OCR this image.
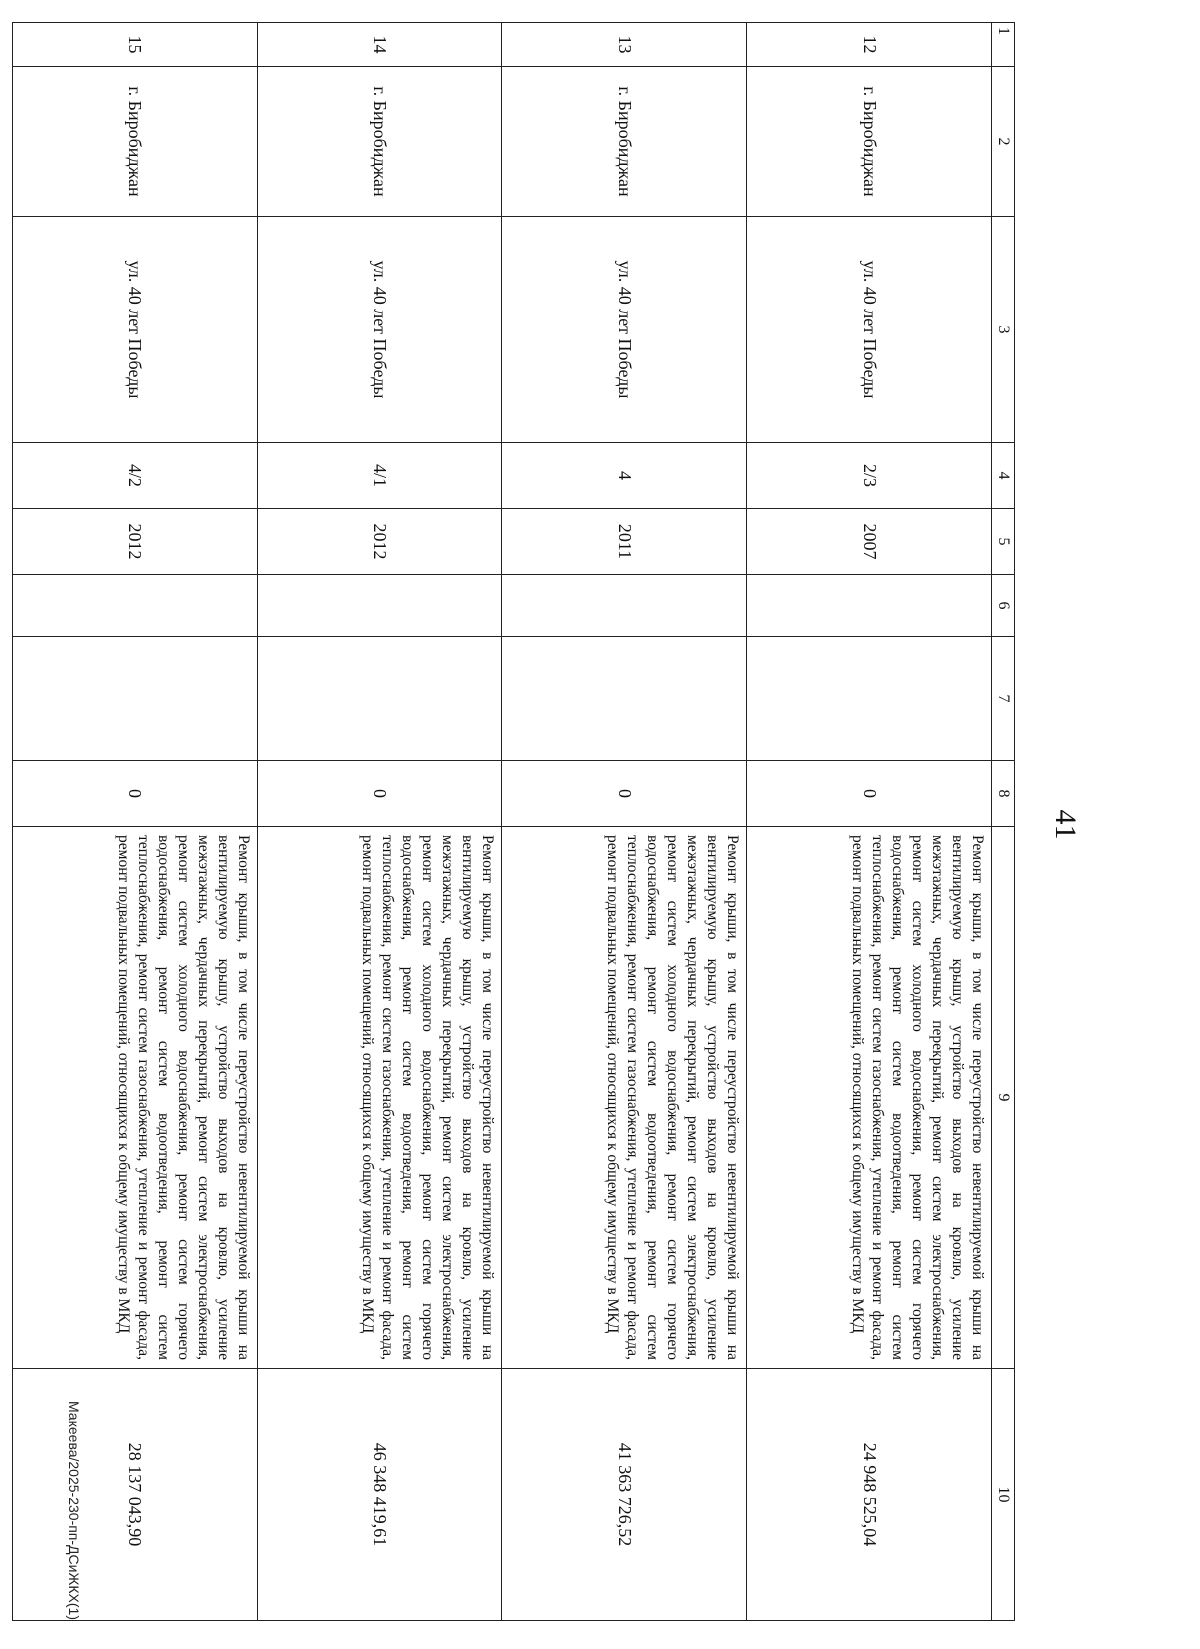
41
1	2	3	4	5	6	7	8	9	10
12	г. Биробиджан	ул. 40 лет Победы	2/3	2007			0	Ремонт крыши, в том числе переустройство невентилируемой крыши на вентилируемую крышу, устройство выходов на кровлю, усиление межэтажных, чердачных перекрытий, ремонт систем электроснабжения, ремонт систем холодного водоснабжения, ремонт систем горячего водоснабжения, ремонт систем водоотведения, ремонт систем теплоснабжения, ремонт систем газоснабжения, утепление и ремонт фасада, ремонт подвальных помещений, относящихся к общему имуществу в МКД	24 948 525,04
13	г. Биробиджан	ул. 40 лет Победы	4	2011			0	Ремонт крыши, в том числе переустройство невентилируемой крыши на вентилируемую крышу, устройство выходов на кровлю, усиление межэтажных, чердачных перекрытий, ремонт систем электроснабжения, ремонт систем холодного водоснабжения, ремонт систем горячего водоснабжения, ремонт систем водоотведения, ремонт систем теплоснабжения, ремонт систем газоснабжения, утепление и ремонт фасада, ремонт подвальных помещений, относящихся к общему имуществу в МКД	41 363 726,52
14	г. Биробиджан	ул. 40 лет Победы	4/1	2012			0	Ремонт крыши, в том числе переустройство невентилируемой крыши на вентилируемую крышу, устройство выходов на кровлю, усиление межэтажных, чердачных перекрытий, ремонт систем электроснабжения, ремонт систем холодного водоснабжения, ремонт систем горячего водоснабжения, ремонт систем водоотведения, ремонт систем теплоснабжения, ремонт систем газоснабжения, утепление и ремонт фасада, ремонт подвальных помещений, относящихся к общему имуществу в МКД	46 348 419,61
15	г. Биробиджан	ул. 40 лет Победы	4/2	2012			0	Ремонт крыши, в том числе переустройство невентилируемой крыши на вентилируемую крышу, устройство выходов на кровлю, усиление межэтажных, чердачных перекрытий, ремонт систем электроснабжения, ремонт систем холодного водоснабжения, ремонт систем горячего водоснабжения, ремонт систем водоотведения, ремонт систем теплоснабжения, ремонт систем газоснабжения, утепление и ремонт фасада, ремонт подвальных помещений, относящихся к общему имуществу в МКД	28 137 043,90
Макеева/2025-230-пп-ДСиЖКХ(1)
